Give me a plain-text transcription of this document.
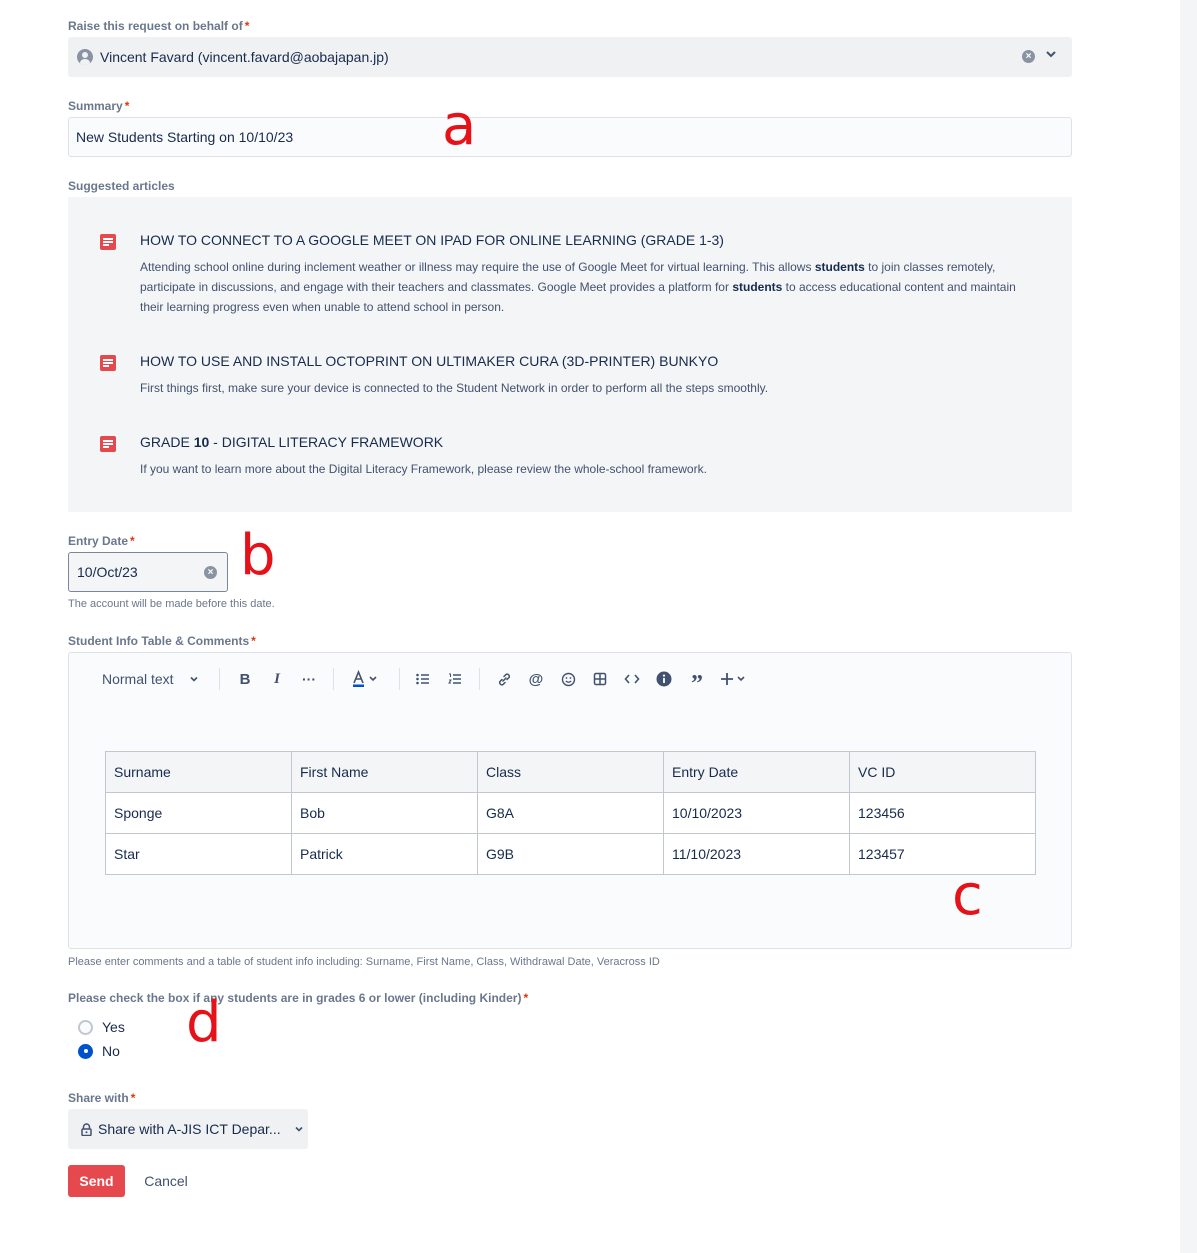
Raise this request on behalf of *
Vincent Favard (vincent.favard@aobajapan.jp)	×
Summary *
New Students Starting on 10/10/23
Suggested articles
HOW TO CONNECT TO A GOOGLE MEET ON IPAD FOR ONLINE LEARNING (GRADE 1-3)
Attending school online during inclement weather or illness may require the use of Google Meet for virtual learning. This allows students to join classes remotely, participate in discussions, and engage with their teachers and classmates. Google Meet provides a platform for students to access educational content and maintain their learning progress even when unable to attend school in person.
HOW TO USE AND INSTALL OCTOPRINT ON ULTIMAKER CURA (3D-PRINTER) BUNKYO
First things first, make sure your device is connected to the Student Network in order to perform all the steps smoothly.
GRADE 10 - DIGITAL LITERACY FRAMEWORK
If you want to learn more about the Digital Literacy Framework, please review the whole-school framework.
Entry Date *
10/Oct/23	×
The account will be made before this date.
Student Info Table & Comments *
Normal text	B	I	···	@	”
Surname	First Name	Class	Entry Date	VC ID
Sponge	Bob	G8A	10/10/2023	123456
Star	Patrick	G9B	11/10/2023	123457
Please enter comments and a table of student info including: Surname, First Name, Class, Withdrawal Date, Veracross ID
Please check the box if any students are in grades 6 or lower (including Kinder) *
Yes
No
Share with *
Share with A-JIS ICT Depar...
Send	Cancel
a
b
c
d
